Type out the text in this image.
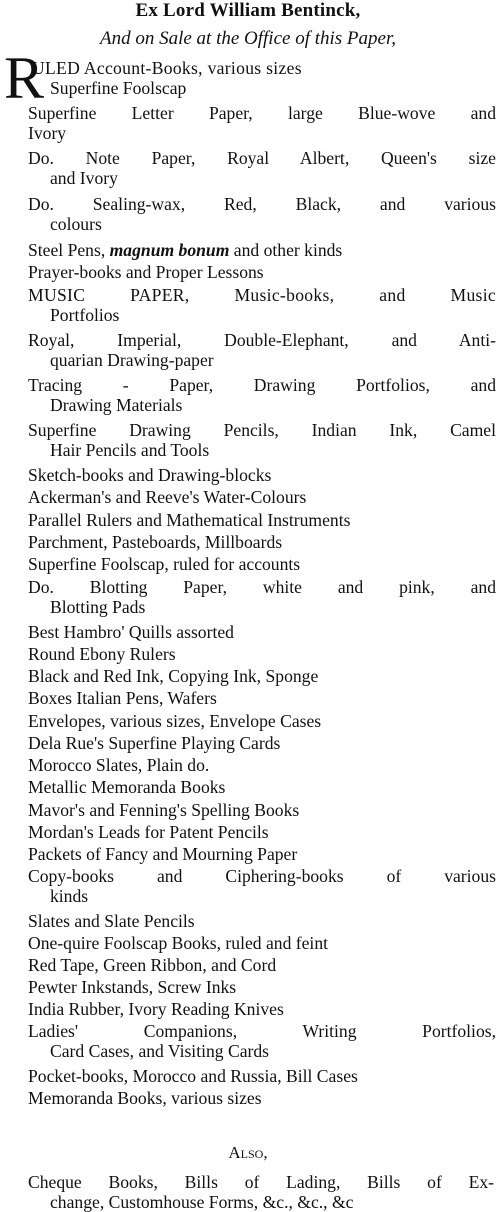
Ex Lord William Bentinck,
And on Sale at the Office of this Paper,
R
ULED Account-Books, various sizes
Superfine Foolscap
Superfine Letter Paper, large Blue-wove and
Ivory
Do. Note Paper, Royal Albert, Queen's size
and Ivory
Do. Sealing-wax, Red, Black, and various
colours
Steel Pens, magnum bonum and other kinds
Prayer-books and Proper Lessons
MUSIC PAPER, Music-books, and Music
Portfolios
Royal, Imperial, Double-Elephant, and Anti-
quarian Drawing-paper
Tracing - Paper, Drawing Portfolios, and
Drawing Materials
Superfine Drawing Pencils, Indian Ink, Camel
Hair Pencils and Tools
Sketch-books and Drawing-blocks
Ackerman's and Reeve's Water-Colours
Parallel Rulers and Mathematical Instruments
Parchment, Pasteboards, Millboards
Superfine Foolscap, ruled for accounts
Do. Blotting Paper, white and pink, and
Blotting Pads
Best Hambro' Quills assorted
Round Ebony Rulers
Black and Red Ink, Copying Ink, Sponge
Boxes Italian Pens, Wafers
Envelopes, various sizes, Envelope Cases
Dela Rue's Superfine Playing Cards
Morocco Slates, Plain do.
Metallic Memoranda Books
Mavor's and Fenning's Spelling Books
Mordan's Leads for Patent Pencils
Packets of Fancy and Mourning Paper
Copy-books and Ciphering-books of various
kinds
Slates and Slate Pencils
One-quire Foolscap Books, ruled and feint
Red Tape, Green Ribbon, and Cord
Pewter Inkstands, Screw Inks
India Rubber, Ivory Reading Knives
Ladies' Companions, Writing Portfolios,
Card Cases, and Visiting Cards
Pocket-books, Morocco and Russia, Bill Cases
Memoranda Books, various sizes
Also,
Cheque Books, Bills of Lading, Bills of Ex-
change, Customhouse Forms, &c., &c., &c
